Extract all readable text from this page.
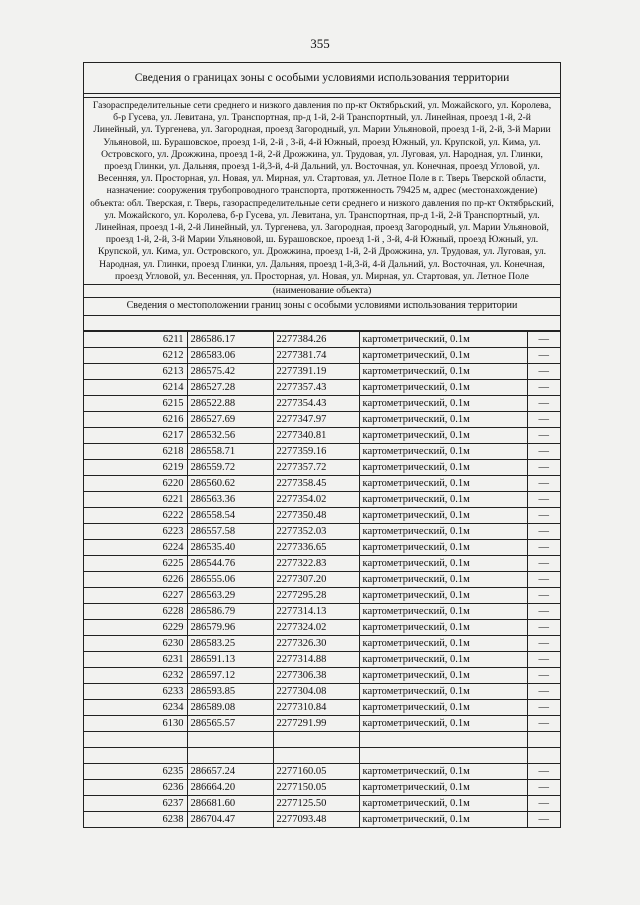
355
Сведения о границах зоны с особыми условиями использования территории
Газораспределительные сети среднего и низкого давления по пр-кт Октябрьский, ул. Можайского, ул. Королева, б-р Гусева, ул. Левитана, ул. Транспортная, пр-д 1-й, 2-й Транспортный, ул. Линейная, проезд 1-й, 2-й Линейный, ул. Тургенева, ул. Загородная, проезд Загородный, ул. Марии Ульяновой, проезд 1-й, 2-й, 3-й Марии Ульяновой, ш. Бурашовское, проезд 1-й, 2-й , 3-й, 4-й Южный, проезд Южный, ул. Крупской, ул. Кима, ул. Островского, ул. Дрожжина, проезд 1-й, 2-й Дрожжина, ул. Трудовая, ул. Луговая, ул. Народная, ул. Глинки, проезд Глинки, ул. Дальняя, проезд 1-й,3-й, 4-й Дальний, ул. Восточная, ул. Конечная, проезд Угловой, ул. Весенняя, ул. Просторная, ул. Новая, ул. Мирная, ул. Стартовая, ул. Летное Поле в г. Тверь Тверской области, назначение: сооружения трубопроводного транспорта, протяженность 79425 м, адрес (местонахождение) объекта: обл. Тверская, г. Тверь, газораспределительные сети среднего и низкого давления по пр-кт Октябрьский, ул. Можайского, ул. Королева, б-р Гусева, ул. Левитана, ул. Транспортная, пр-д 1-й, 2-й Транспортный, ул. Линейная, проезд 1-й, 2-й Линейный, ул. Тургенева, ул. Загородная, проезд Загородный, ул. Марии Ульяновой, проезд 1-й, 2-й, 3-й Марии Ульяновой, ш. Бурашовское, проезд 1-й , 3-й, 4-й Южный, проезд Южный, ул. Крупской, ул. Кима, ул. Островского, ул. Дрожжина, проезд 1-й, 2-й Дрожжина, ул. Трудовая, ул. Луговая, ул. Народная, ул. Глинки, проезд Глинки, ул. Дальняя, проезд 1-й,3-й, 4-й Дальний, ул. Восточная, ул. Конечная, проезд Угловой, ул. Весенняя, ул. Просторная, ул. Новая, ул. Мирная, ул. Стартовая, ул. Летное Поле
(наименование объекта)
Сведения о местоположении границ зоны с особыми условиями использования территории
6211	286586.17	2277384.26	картометрический, 0.1м	—
6212	286583.06	2277381.74	картометрический, 0.1м	—
6213	286575.42	2277391.19	картометрический, 0.1м	—
6214	286527.28	2277357.43	картометрический, 0.1м	—
6215	286522.88	2277354.43	картометрический, 0.1м	—
6216	286527.69	2277347.97	картометрический, 0.1м	—
6217	286532.56	2277340.81	картометрический, 0.1м	—
6218	286558.71	2277359.16	картометрический, 0.1м	—
6219	286559.72	2277357.72	картометрический, 0.1м	—
6220	286560.62	2277358.45	картометрический, 0.1м	—
6221	286563.36	2277354.02	картометрический, 0.1м	—
6222	286558.54	2277350.48	картометрический, 0.1м	—
6223	286557.58	2277352.03	картометрический, 0.1м	—
6224	286535.40	2277336.65	картометрический, 0.1м	—
6225	286544.76	2277322.83	картометрический, 0.1м	—
6226	286555.06	2277307.20	картометрический, 0.1м	—
6227	286563.29	2277295.28	картометрический, 0.1м	—
6228	286586.79	2277314.13	картометрический, 0.1м	—
6229	286579.96	2277324.02	картометрический, 0.1м	—
6230	286583.25	2277326.30	картометрический, 0.1м	—
6231	286591.13	2277314.88	картометрический, 0.1м	—
6232	286597.12	2277306.38	картометрический, 0.1м	—
6233	286593.85	2277304.08	картометрический, 0.1м	—
6234	286589.08	2277310.84	картометрический, 0.1м	—
6130	286565.57	2277291.99	картометрический, 0.1м	—

6235	286657.24	2277160.05	картометрический, 0.1м	—
6236	286664.20	2277150.05	картометрический, 0.1м	—
6237	286681.60	2277125.50	картометрический, 0.1м	—
6238	286704.47	2277093.48	картометрический, 0.1м	—
